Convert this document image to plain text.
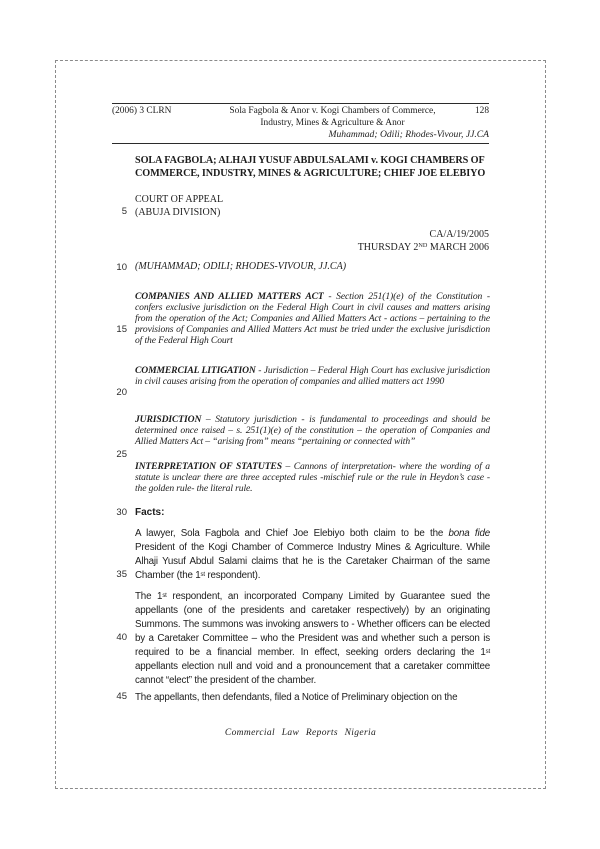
(2006) 3 CLRN	Sola Fagbola & Anor v. Kogi Chambers of Commerce,
Industry, Mines & Agriculture & Anor
128
Muhammad; Odili; Rhodes-Vivour, JJ.CA
SOLA FAGBOLA; ALHAJI YUSUF ABDULSALAMI v. KOGI CHAMBERS OF
COMMERCE, INDUSTRY, MINES & AGRICULTURE; CHIEF JOE ELEBIYO
COURT OF APPEAL
(ABUJA DIVISION)
CA/A/19/2005
THURSDAY 2ND MARCH 2006
(MUHAMMAD; ODILI; RHODES-VIVOUR, JJ.CA)

COMPANIES AND ALLIED MATTERS ACT - Section 251(1)(e) of the Constitution - confers exclusive jurisdiction on the Federal High Court in civil causes and matters arising from the operation of the Act; Companies and Allied Matters Act - actions – pertaining to the provisions of Companies and Allied Matters Act must be tried under the exclusive jurisdiction of the Federal High Court

COMMERCIAL LITIGATION - Jurisdiction – Federal High Court has exclusive jurisdiction in civil causes arising from the operation of companies and allied matters act 1990

JURISDICTION – Statutory jurisdiction - is fundamental to proceedings and should be determined once raised – s. 251(1)(e) of the constitution – the operation of Companies and Allied Matters Act – “arising from” means “pertaining or connected with”

INTERPRETATION OF STATUTES – Cannons of interpretation- where the wording of a statute is unclear there are three accepted rules -mischief rule or the rule in Heydon’s case - the golden rule- the literal rule.

Facts:

A lawyer, Sola Fagbola and Chief Joe Elebiyo both claim to be the bona fide President of the Kogi Chamber of Commerce Industry Mines & Agriculture. While Alhaji Yusuf Abdul Salami claims that he is the Caretaker Chairman of the same Chamber (the 1st respondent).

The 1st respondent, an incorporated Company Limited by Guarantee sued the appellants (one of the presidents and caretaker respectively) by an originating Summons. The summons was invoking answers to - Whether officers can be elected by a Caretaker Committee – who the President was and whether such a person is required to be a financial member. In effect, seeking orders declaring the 1st appellants election null and void and a pronouncement that a caretaker committee cannot “elect” the president of the chamber.

The appellants, then defendants, filed a Notice of Preliminary objection on the

5
10
15
20
25
30
35
40
45
Commercial Law Reports Nigeria
